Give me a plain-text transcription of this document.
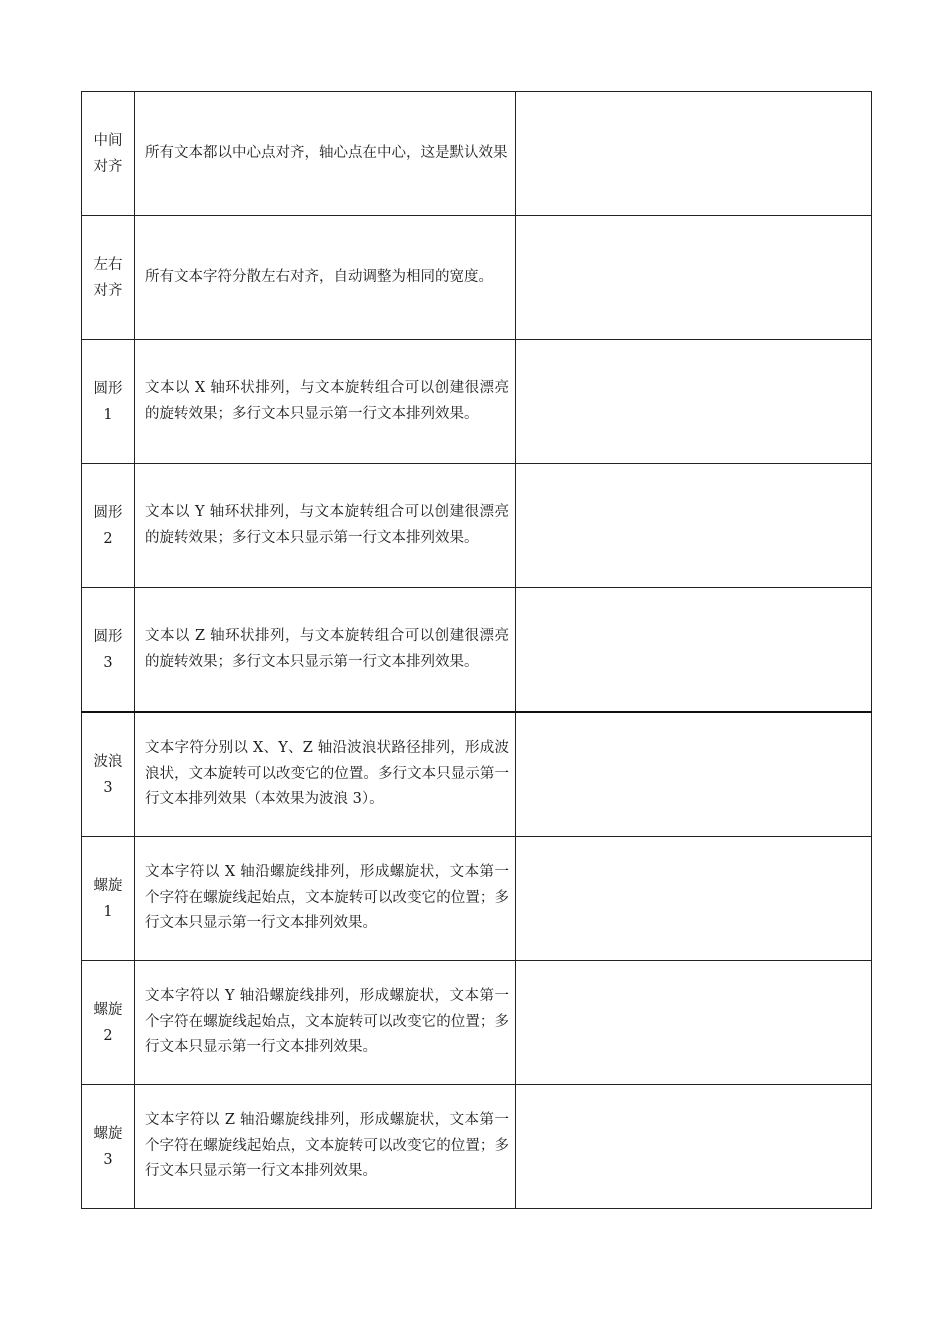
中间
对齐	所有文本都以中心点对齐，轴心点在中心，这是默认效果	
左右
对齐	所有文本字符分散左右对齐，自动调整为相同的宽度。	
圆形
1	文本以 X 轴环状排列，与文本旋转组合可以创建很漂亮的旋转效果；多行文本只显示第一行文本排列效果。	
圆形
2	文本以 Y 轴环状排列，与文本旋转组合可以创建很漂亮的旋转效果；多行文本只显示第一行文本排列效果。	
圆形
3	文本以 Z 轴环状排列，与文本旋转组合可以创建很漂亮的旋转效果；多行文本只显示第一行文本排列效果。	
波浪
3	文本字符分别以 X、Y、Z 轴沿波浪状路径排列，形成波浪状，文本旋转可以改变它的位置。多行文本只显示第一行文本排列效果（本效果为波浪 3）。	
螺旋
1	文本字符以 X 轴沿螺旋线排列，形成螺旋状，文本第一个字符在螺旋线起始点，文本旋转可以改变它的位置；多行文本只显示第一行文本排列效果。	
螺旋
2	文本字符以 Y 轴沿螺旋线排列，形成螺旋状，文本第一个字符在螺旋线起始点，文本旋转可以改变它的位置；多行文本只显示第一行文本排列效果。	
螺旋
3	文本字符以 Z 轴沿螺旋线排列，形成螺旋状，文本第一个字符在螺旋线起始点，文本旋转可以改变它的位置；多行文本只显示第一行文本排列效果。	
